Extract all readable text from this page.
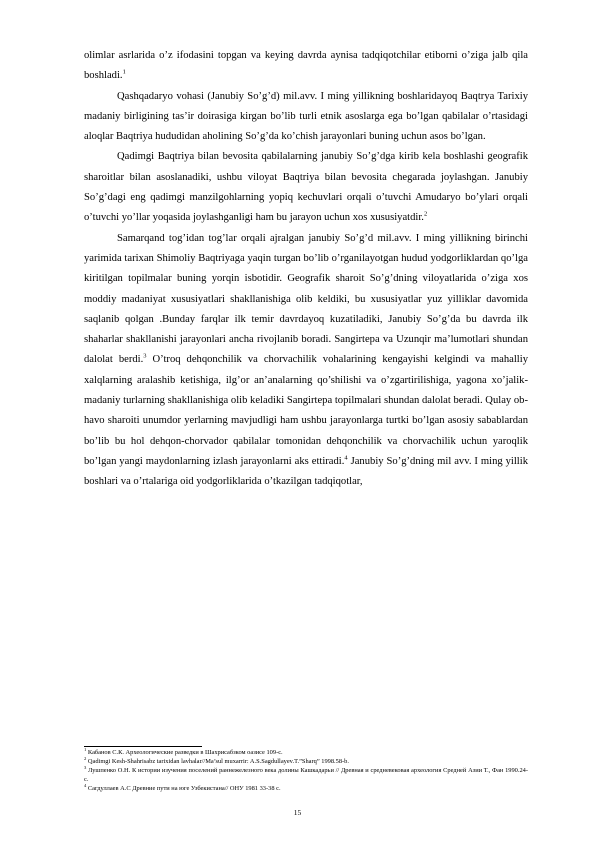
olimlar asrlarida o’z ifodasini topgan va keying davrda aynisa tadqiqotchilar etiborni o’ziga jalb qila boshladi.$^1$

Qashqadaryo vohasi (Janubiy So’g’d) mil.avv. I ming yillikning boshlaridayoq Baqtrya Tarixiy madaniy birligining tas’ir doirasiga kirgan bo’lib turli etnik asoslarga ega bo’lgan qabilalar o’rtasidagi aloqlar Baqtriya hududidan aholining So’g’da ko’chish jarayonlari buning uchun asos bo’lgan.

Qadimgi Baqtriya bilan bevosita qabilalarning janubiy So’g’dga kirib kela boshlashi geografik sharoitlar bilan asoslanadiki, ushbu viloyat Baqtriya bilan bevosita chegarada joylashgan. Janubiy So’g’dagi eng qadimgi manzilgohlarning yopiq kechuvlari orqali o’tuvchi Amudaryo bo’ylari orqali o’tuvchi yo’llar yoqasida joylashganligi ham bu jarayon uchun xos xususiyatdir.$^2$

Samarqand tog’idan tog’lar orqali ajralgan janubiy So’g’d mil.avv. I ming yillikning birinchi yarimida tarixan Shimoliy Baqtriyaga yaqin turgan bo’lib o’rganilayotgan hudud yodgorliklardan qo’lga kiritilgan topilmalar buning yorqin isbotidir. Geografik sharoit So’g’dning viloyatlarida o’ziga xos moddiy madaniyat xususiyatlari shakllanishiga olib keldiki, bu xususiyatlar yuz yilliklar davomida saqlanib qolgan .Bunday farqlar ilk temir davrdayoq kuzatiladiki, Janubiy So’g’da bu davrda ilk shaharlar shakllanishi jarayonlari ancha rivojlanib boradi. Sangirtepa va Uzunqir ma’lumotlari shundan dalolat berdi.$^3$ O’troq dehqonchilik va chorvachilik vohalarining kengayishi kelgindi va mahalliy xalqlarning aralashib ketishiga, ilg’or an’analarning qo’shilishi va o’zgartirilishiga, yagona xo’jalik-madaniy turlarning shakllanishiga olib keladiki Sangirtepa topilmalari shundan dalolat beradi. Qulay ob-havo sharoiti unumdor yerlarning mavjudligi ham ushbu jarayonlarga turtki bo’lgan asosiy sabablardan bo’lib bu hol dehqon-chorvador qabilalar tomonidan dehqonchilik va chorvachilik uchun yaroqlik bo’lgan yangi maydonlarning izlash jarayonlarni aks ettiradi.$^4$ Janubiy So’g’dning mil avv. I ming yillik boshlari va o’rtalariga oid yodgorliklarida o’tkazilgan tadqiqotlar,

$^1$ Кабанов С.К. Археологические разведки в Шахрисабзком оазисе 109-с.
$^2$ Qadimgi Kesh-Shahrisabz tarixidan lavhalar//Ma’sul muxarrir: A.S.Sagdullayev.T.”Sharq” 1998.58-b.
$^3$ Лушпенко О.Н. К истории изучения поселений раннежелезного века долины Кашкадарьи // Древная и средневековая археология Средней Азии Т., Фан 1990.24-с.
$^4$ Сагдуллаев А.С Древние пути на юге Узбекистана// ОНУ 1981 33-38 с.
15
